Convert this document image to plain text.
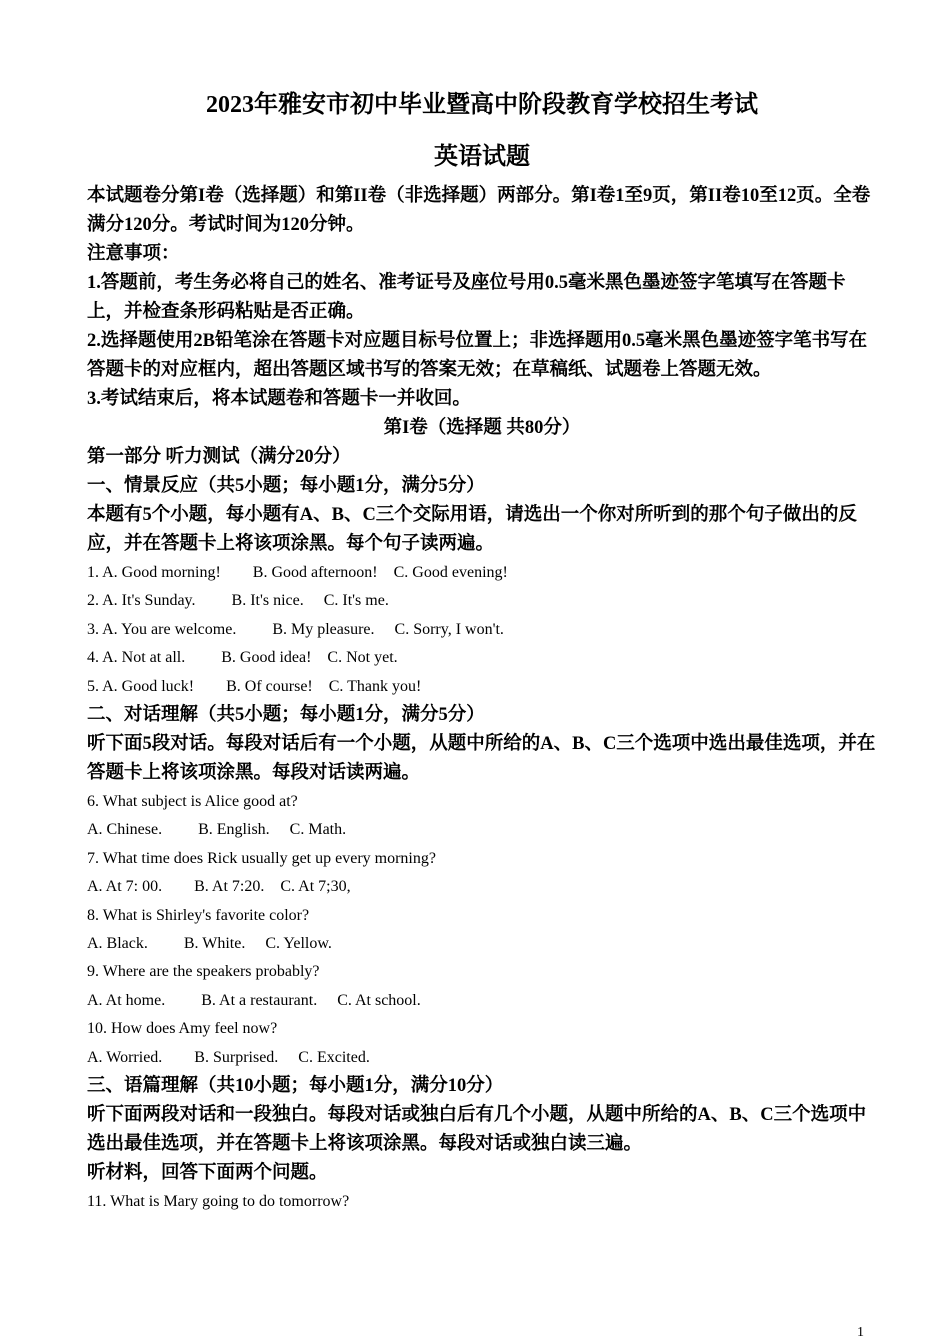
2023年雅安市初中毕业暨高中阶段教育学校招生考试
英语试题

本试题卷分第I卷（选择题）和第II卷（非选择题）两部分。第I卷1至9页，第II卷10至12页。全卷满分120分。考试时间为120分钟。

注意事项：

1.答题前，考生务必将自己的姓名、准考证号及座位号用0.5毫米黑色墨迹签字笔填写在答题卡上，并检查条形码粘贴是否正确。

2.选择题使用2B铅笔涂在答题卡对应题目标号位置上；非选择题用0.5毫米黑色墨迹签字笔书写在答题卡的对应框内，超出答题区域书写的答案无效；在草稿纸、试题卷上答题无效。

3.考试结束后，将本试题卷和答题卡一并收回。

第I卷（选择题 共80分）

第一部分 听力测试（满分20分）

一、情景反应（共5小题；每小题1分，满分5分）

本题有5个小题，每小题有A、B、C三个交际用语，请选出一个你对所听到的那个句子做出的反应，并在答题卡上将该项涂黑。每个句子读两遍。

1. A. Good morning!        B. Good afternoon!    C. Good evening!

2. A. It's Sunday.         B. It's nice.     C. It's me.

3. A. You are welcome.         B. My pleasure.     C. Sorry, I won't.

4. A. Not at all.         B. Good idea!    C. Not yet.

5. A. Good luck!        B. Of course!    C. Thank you!

二、对话理解（共5小题；每小题1分，满分5分）

听下面5段对话。每段对话后有一个小题，从题中所给的A、B、C三个选项中选出最佳选项，并在答题卡上将该项涂黑。每段对话读两遍。

6. What subject is Alice good at?

A. Chinese.         B. English.     C. Math.

7. What time does Rick usually get up every morning?

A. At 7: 00.        B. At 7:20.    C. At 7;30,

8. What is Shirley's favorite color?

A. Black.         B. White.     C. Yellow.

9. Where are the speakers probably?

A. At home.         B. At a restaurant.     C. At school.

10. How does Amy feel now?

A. Worried.        B. Surprised.     C. Excited.

三、语篇理解（共10小题；每小题1分，满分10分）

听下面两段对话和一段独白。每段对话或独白后有几个小题，从题中所给的A、B、C三个选项中选出最佳选项，并在答题卡上将该项涂黑。每段对话或独白读三遍。

听材料，回答下面两个问题。

11. What is Mary going to do tomorrow?

1
